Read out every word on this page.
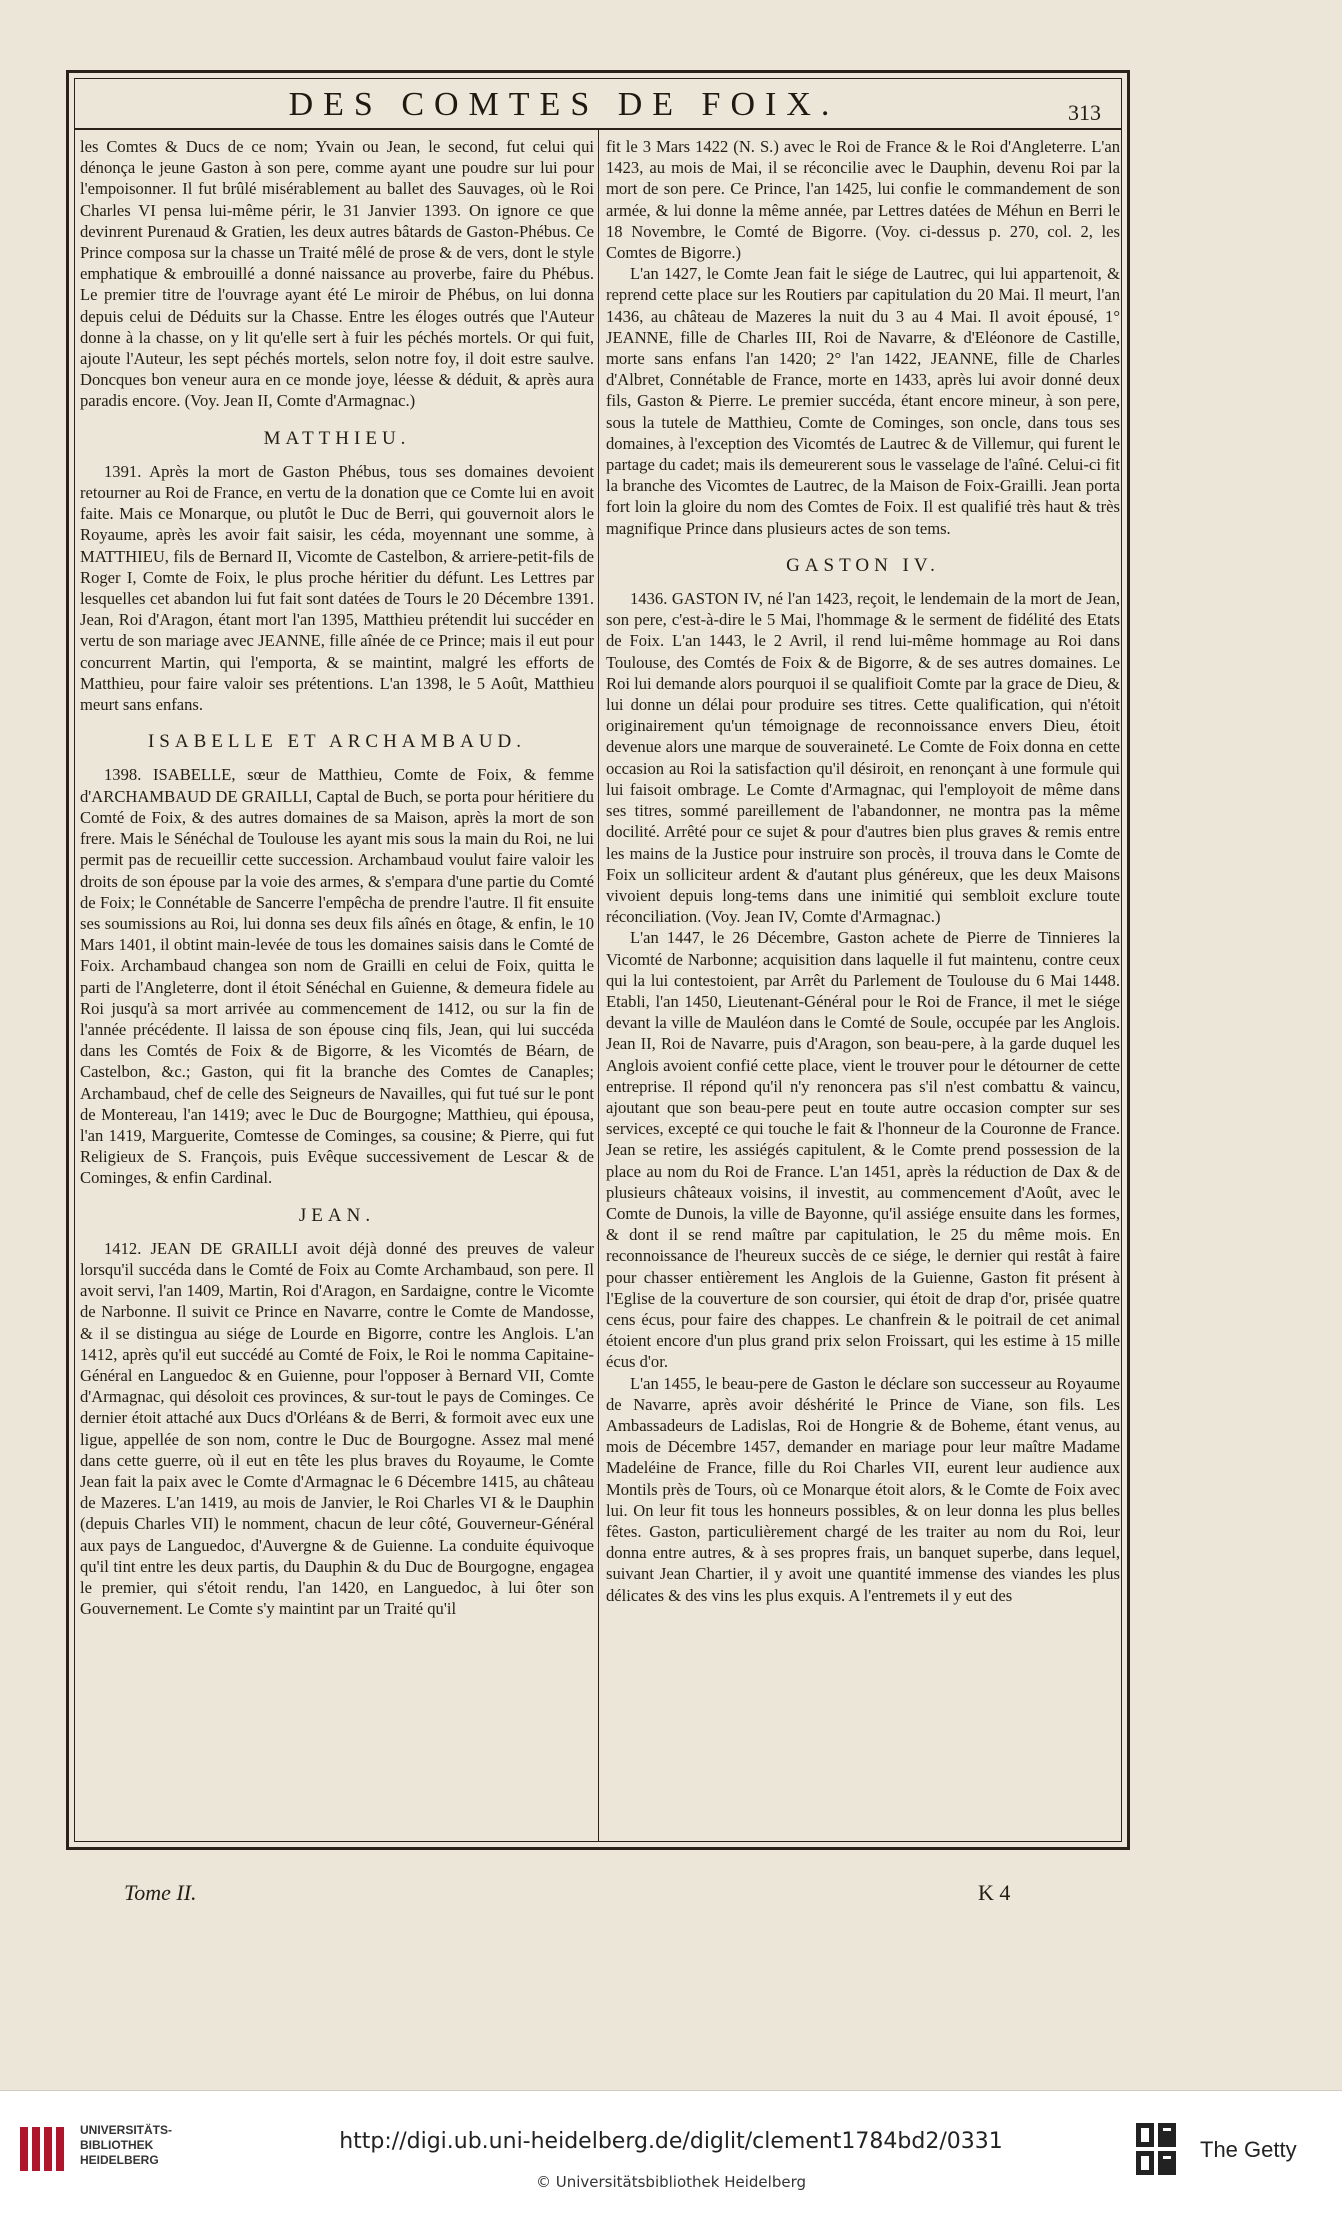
DES COMTES DE FOIX.	313

les Comtes & Ducs de ce nom; Yvain ou Jean, le second, fut celui qui dénonça le jeune Gaston à son pere, comme ayant une poudre sur lui pour l'empoisonner. Il fut brûlé misérablement au ballet des Sauvages, où le Roi Charles VI pensa lui-même périr, le 31 Janvier 1393. On ignore ce que devinrent Purenaud & Gratien, les deux autres bâtards de Gaston-Phébus. Ce Prince composa sur la chasse un Traité mêlé de prose & de vers, dont le style emphatique & embrouillé a donné naissance au proverbe, faire du Phébus. Le premier titre de l'ouvrage ayant été Le miroir de Phébus, on lui donna depuis celui de Déduits sur la Chasse. Entre les éloges outrés que l'Auteur donne à la chasse, on y lit qu'elle sert à fuir les péchés mortels. Or qui fuit, ajoute l'Auteur, les sept péchés mortels, selon notre foy, il doit estre saulve. Doncques bon veneur aura en ce monde joye, léesse & déduit, & après aura paradis encore. (Voy. Jean II, Comte d'Armagnac.)

MATTHIEU.

1391. Après la mort de Gaston Phébus, tous ses domaines devoient retourner au Roi de France, en vertu de la donation que ce Comte lui en avoit faite. Mais ce Monarque, ou plutôt le Duc de Berri, qui gouvernoit alors le Royaume, après les avoir fait saisir, les céda, moyennant une somme, à MATTHIEU, fils de Bernard II, Vicomte de Castelbon, & arriere-petit-fils de Roger I, Comte de Foix, le plus proche héritier du défunt. Les Lettres par lesquelles cet abandon lui fut fait sont datées de Tours le 20 Décembre 1391. Jean, Roi d'Aragon, étant mort l'an 1395, Matthieu prétendit lui succéder en vertu de son mariage avec JEANNE, fille aînée de ce Prince; mais il eut pour concurrent Martin, qui l'emporta, & se maintint, malgré les efforts de Matthieu, pour faire valoir ses prétentions. L'an 1398, le 5 Août, Matthieu meurt sans enfans.

ISABELLE ET ARCHAMBAUD.

1398. ISABELLE, sœur de Matthieu, Comte de Foix, & femme d'ARCHAMBAUD DE GRAILLI, Captal de Buch, se porta pour héritiere du Comté de Foix, & des autres domaines de sa Maison, après la mort de son frere. Mais le Sénéchal de Toulouse les ayant mis sous la main du Roi, ne lui permit pas de recueillir cette succession. Archambaud voulut faire valoir les droits de son épouse par la voie des armes, & s'empara d'une partie du Comté de Foix; le Connétable de Sancerre l'empêcha de prendre l'autre. Il fit ensuite ses soumissions au Roi, lui donna ses deux fils aînés en ôtage, & enfin, le 10 Mars 1401, il obtint main-levée de tous les domaines saisis dans le Comté de Foix. Archambaud changea son nom de Grailli en celui de Foix, quitta le parti de l'Angleterre, dont il étoit Sénéchal en Guienne, & demeura fidele au Roi jusqu'à sa mort arrivée au commencement de 1412, ou sur la fin de l'année précédente. Il laissa de son épouse cinq fils, Jean, qui lui succéda dans les Comtés de Foix & de Bigorre, & les Vicomtés de Béarn, de Castelbon, &c.; Gaston, qui fit la branche des Comtes de Canaples; Archambaud, chef de celle des Seigneurs de Navailles, qui fut tué sur le pont de Montereau, l'an 1419; avec le Duc de Bourgogne; Matthieu, qui épousa, l'an 1419, Marguerite, Comtesse de Cominges, sa cousine; & Pierre, qui fut Religieux de S. François, puis Evêque successivement de Lescar & de Cominges, & enfin Cardinal.

JEAN.

1412. JEAN DE GRAILLI avoit déjà donné des preuves de valeur lorsqu'il succéda dans le Comté de Foix au Comte Archambaud, son pere. Il avoit servi, l'an 1409, Martin, Roi d'Aragon, en Sardaigne, contre le Vicomte de Narbonne. Il suivit ce Prince en Navarre, contre le Comte de Mandosse, & il se distingua au siége de Lourde en Bigorre, contre les Anglois. L'an 1412, après qu'il eut succédé au Comté de Foix, le Roi le nomma Capitaine-Général en Languedoc & en Guienne, pour l'opposer à Bernard VII, Comte d'Armagnac, qui désoloit ces provinces, & sur-tout le pays de Cominges. Ce dernier étoit attaché aux Ducs d'Orléans & de Berri, & formoit avec eux une ligue, appellée de son nom, contre le Duc de Bourgogne. Assez mal mené dans cette guerre, où il eut en tête les plus braves du Royaume, le Comte Jean fait la paix avec le Comte d'Armagnac le 6 Décembre 1415, au château de Mazeres. L'an 1419, au mois de Janvier, le Roi Charles VI & le Dauphin (depuis Charles VII) le nomment, chacun de leur côté, Gouverneur-Général aux pays de Languedoc, d'Auvergne & de Guienne. La conduite équivoque qu'il tint entre les deux partis, du Dauphin & du Duc de Bourgogne, engagea le premier, qui s'étoit rendu, l'an 1420, en Languedoc, à lui ôter son Gouvernement. Le Comte s'y maintint par un Traité qu'il

fit le 3 Mars 1422 (N. S.) avec le Roi de France & le Roi d'Angleterre. L'an 1423, au mois de Mai, il se réconcilie avec le Dauphin, devenu Roi par la mort de son pere. Ce Prince, l'an 1425, lui confie le commandement de son armée, & lui donne la même année, par Lettres datées de Méhun en Berri le 18 Novembre, le Comté de Bigorre. (Voy. ci-dessus p. 270, col. 2, les Comtes de Bigorre.)

L'an 1427, le Comte Jean fait le siége de Lautrec, qui lui appartenoit, & reprend cette place sur les Routiers par capitulation du 20 Mai. Il meurt, l'an 1436, au château de Mazeres la nuit du 3 au 4 Mai. Il avoit épousé, 1° JEANNE, fille de Charles III, Roi de Navarre, & d'Eléonore de Castille, morte sans enfans l'an 1420; 2° l'an 1422, JEANNE, fille de Charles d'Albret, Connétable de France, morte en 1433, après lui avoir donné deux fils, Gaston & Pierre. Le premier succéda, étant encore mineur, à son pere, sous la tutele de Matthieu, Comte de Cominges, son oncle, dans tous ses domaines, à l'exception des Vicomtés de Lautrec & de Villemur, qui furent le partage du cadet; mais ils demeurerent sous le vasselage de l'aîné. Celui-ci fit la branche des Vicomtes de Lautrec, de la Maison de Foix-Grailli. Jean porta fort loin la gloire du nom des Comtes de Foix. Il est qualifié très haut & très magnifique Prince dans plusieurs actes de son tems.

GASTON IV.

1436. GASTON IV, né l'an 1423, reçoit, le lendemain de la mort de Jean, son pere, c'est-à-dire le 5 Mai, l'hommage & le serment de fidélité des Etats de Foix. L'an 1443, le 2 Avril, il rend lui-même hommage au Roi dans Toulouse, des Comtés de Foix & de Bigorre, & de ses autres domaines. Le Roi lui demande alors pourquoi il se qualifioit Comte par la grace de Dieu, & lui donne un délai pour produire ses titres. Cette qualification, qui n'étoit originairement qu'un témoignage de reconnoissance envers Dieu, étoit devenue alors une marque de souveraineté. Le Comte de Foix donna en cette occasion au Roi la satisfaction qu'il désiroit, en renonçant à une formule qui lui faisoit ombrage. Le Comte d'Armagnac, qui l'employoit de même dans ses titres, sommé pareillement de l'abandonner, ne montra pas la même docilité. Arrêté pour ce sujet & pour d'autres bien plus graves & remis entre les mains de la Justice pour instruire son procès, il trouva dans le Comte de Foix un solliciteur ardent & d'autant plus généreux, que les deux Maisons vivoient depuis long-tems dans une inimitié qui sembloit exclure toute réconciliation. (Voy. Jean IV, Comte d'Armagnac.)

L'an 1447, le 26 Décembre, Gaston achete de Pierre de Tinnieres la Vicomté de Narbonne; acquisition dans laquelle il fut maintenu, contre ceux qui la lui contestoient, par Arrêt du Parlement de Toulouse du 6 Mai 1448. Etabli, l'an 1450, Lieutenant-Général pour le Roi de France, il met le siége devant la ville de Mauléon dans le Comté de Soule, occupée par les Anglois. Jean II, Roi de Navarre, puis d'Aragon, son beau-pere, à la garde duquel les Anglois avoient confié cette place, vient le trouver pour le détourner de cette entreprise. Il répond qu'il n'y renoncera pas s'il n'est combattu & vaincu, ajoutant que son beau-pere peut en toute autre occasion compter sur ses services, excepté ce qui touche le fait & l'honneur de la Couronne de France. Jean se retire, les assiégés capitulent, & le Comte prend possession de la place au nom du Roi de France. L'an 1451, après la réduction de Dax & de plusieurs châteaux voisins, il investit, au commencement d'Août, avec le Comte de Dunois, la ville de Bayonne, qu'il assiége ensuite dans les formes, & dont il se rend maître par capitulation, le 25 du même mois. En reconnoissance de l'heureux succès de ce siége, le dernier qui restât à faire pour chasser entièrement les Anglois de la Guienne, Gaston fit présent à l'Eglise de la couverture de son coursier, qui étoit de drap d'or, prisée quatre cens écus, pour faire des chappes. Le chanfrein & le poitrail de cet animal étoient encore d'un plus grand prix selon Froissart, qui les estime à 15 mille écus d'or.

L'an 1455, le beau-pere de Gaston le déclare son successeur au Royaume de Navarre, après avoir déshérité le Prince de Viane, son fils. Les Ambassadeurs de Ladislas, Roi de Hongrie & de Boheme, étant venus, au mois de Décembre 1457, demander en mariage pour leur maître Madame Madeléine de France, fille du Roi Charles VII, eurent leur audience aux Montils près de Tours, où ce Monarque étoit alors, & le Comte de Foix avec lui. On leur fit tous les honneurs possibles, & on leur donna les plus belles fêtes. Gaston, particulièrement chargé de les traiter au nom du Roi, leur donna entre autres, & à ses propres frais, un banquet superbe, dans lequel, suivant Jean Chartier, il y avoit une quantité immense des viandes les plus délicates & des vins les plus exquis. A l'entremets il y eut des

Tome II.	K 4
UNIVERSITÄTS-
BIBLIOTHEK
HEIDELBERG
http://digi.ub.uni-heidelberg.de/diglit/clement1784bd2/0331
© Universitätsbibliothek Heidelberg
The Getty
